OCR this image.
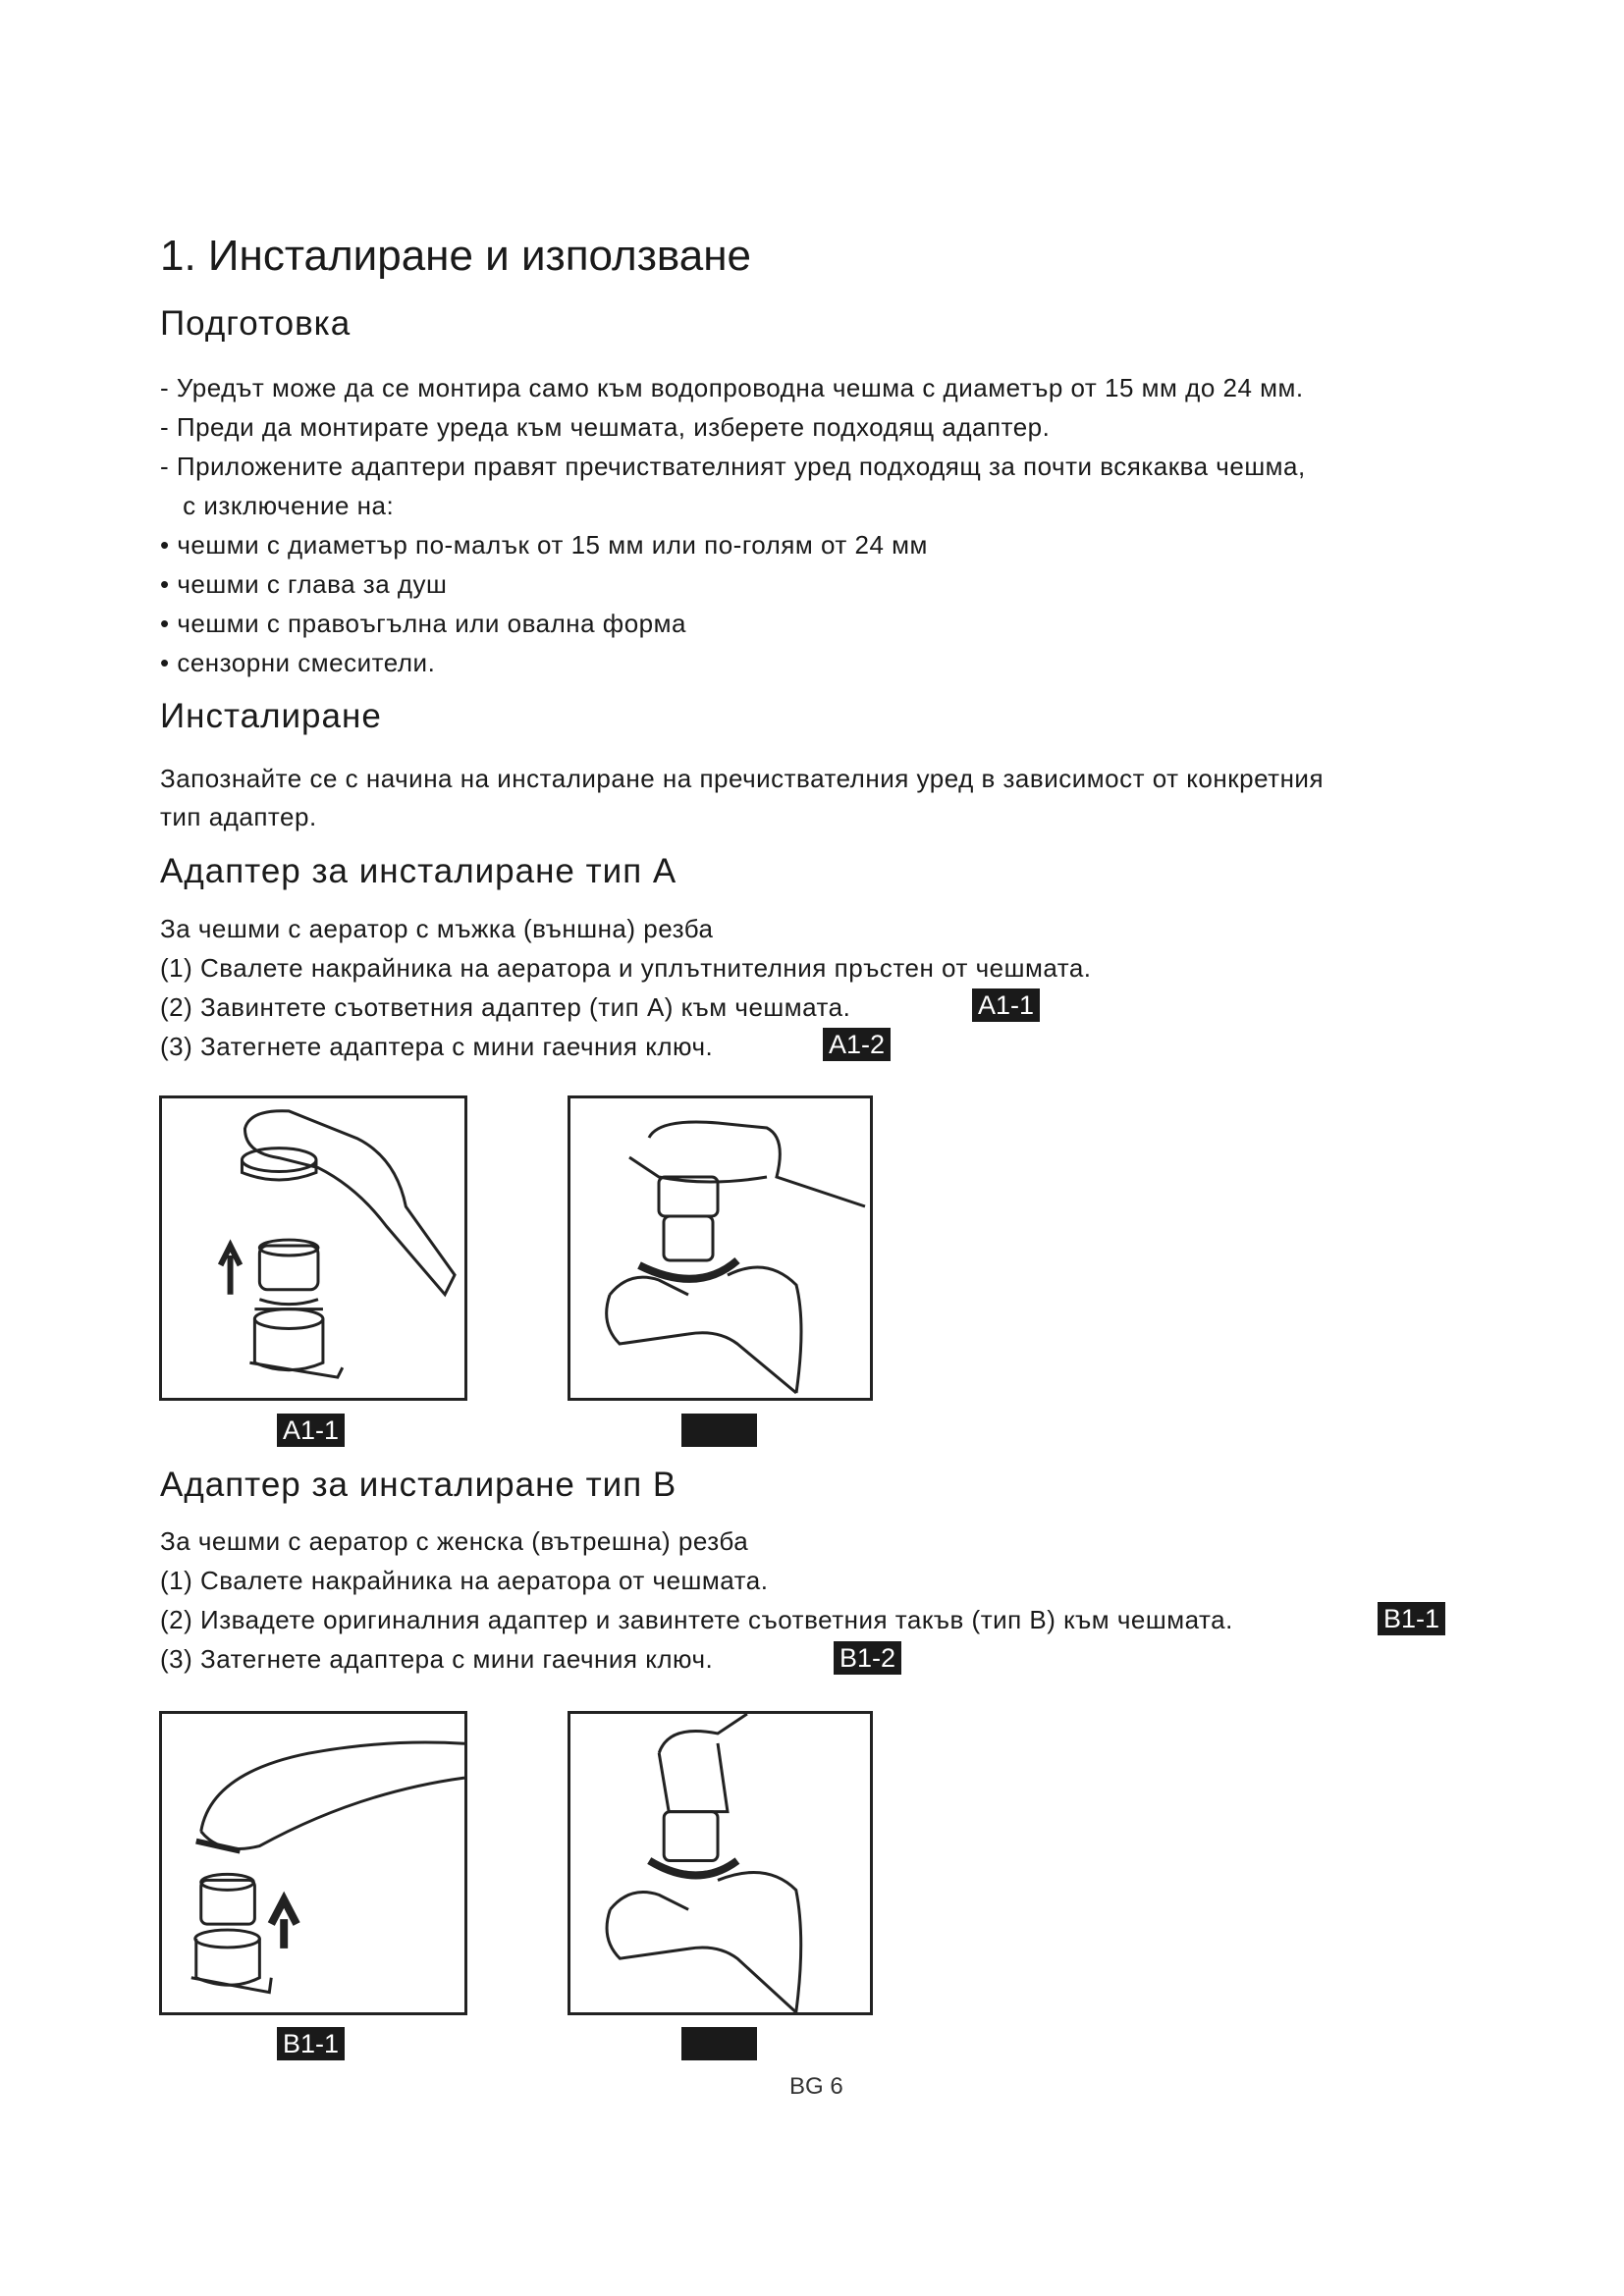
1. Инсталиране и използване
Подготовка
- Уредът може да се монтира само към водопроводна чешма с диаметър от 15 мм до 24 мм.
- Преди да монтирате уреда към чешмата, изберете подходящ адаптер.
- Приложените адаптери правят пречиствателният уред подходящ за почти всякаква чешма,
с изключение на:
• чешми с диаметър по-малък от 15 мм или по-голям от 24 мм
• чешми с глава за душ
• чешми с правоъгълна или овална форма
• сензорни смесители.
Инсталиране
Запознайте се с начина на инсталиране на пречиствателния уред в зависимост от конкретния
тип адаптер.
Адаптер за инсталиране тип A
За чешми с аератор с мъжка (външна) резба
(1) Свалете накрайника на аератора и уплътнителния пръстен от чешмата.
(2) Завинтете съответния адаптер (тип A) към чешмата.	A1-1
(3) Затегнете адаптера с мини гаечния ключ.	A1-2
A1-1
Адаптер за инсталиране тип B
За чешми с аератор с женска (вътрешна) резба
(1) Свалете накрайника на аератора от чешмата.
(2) Извадете оригиналния адаптер и завинтете съответния такъв (тип B) към чешмата.	B1-1
(3) Затегнете адаптера с мини гаечния ключ.	B1-2
B1-1
BG 6
